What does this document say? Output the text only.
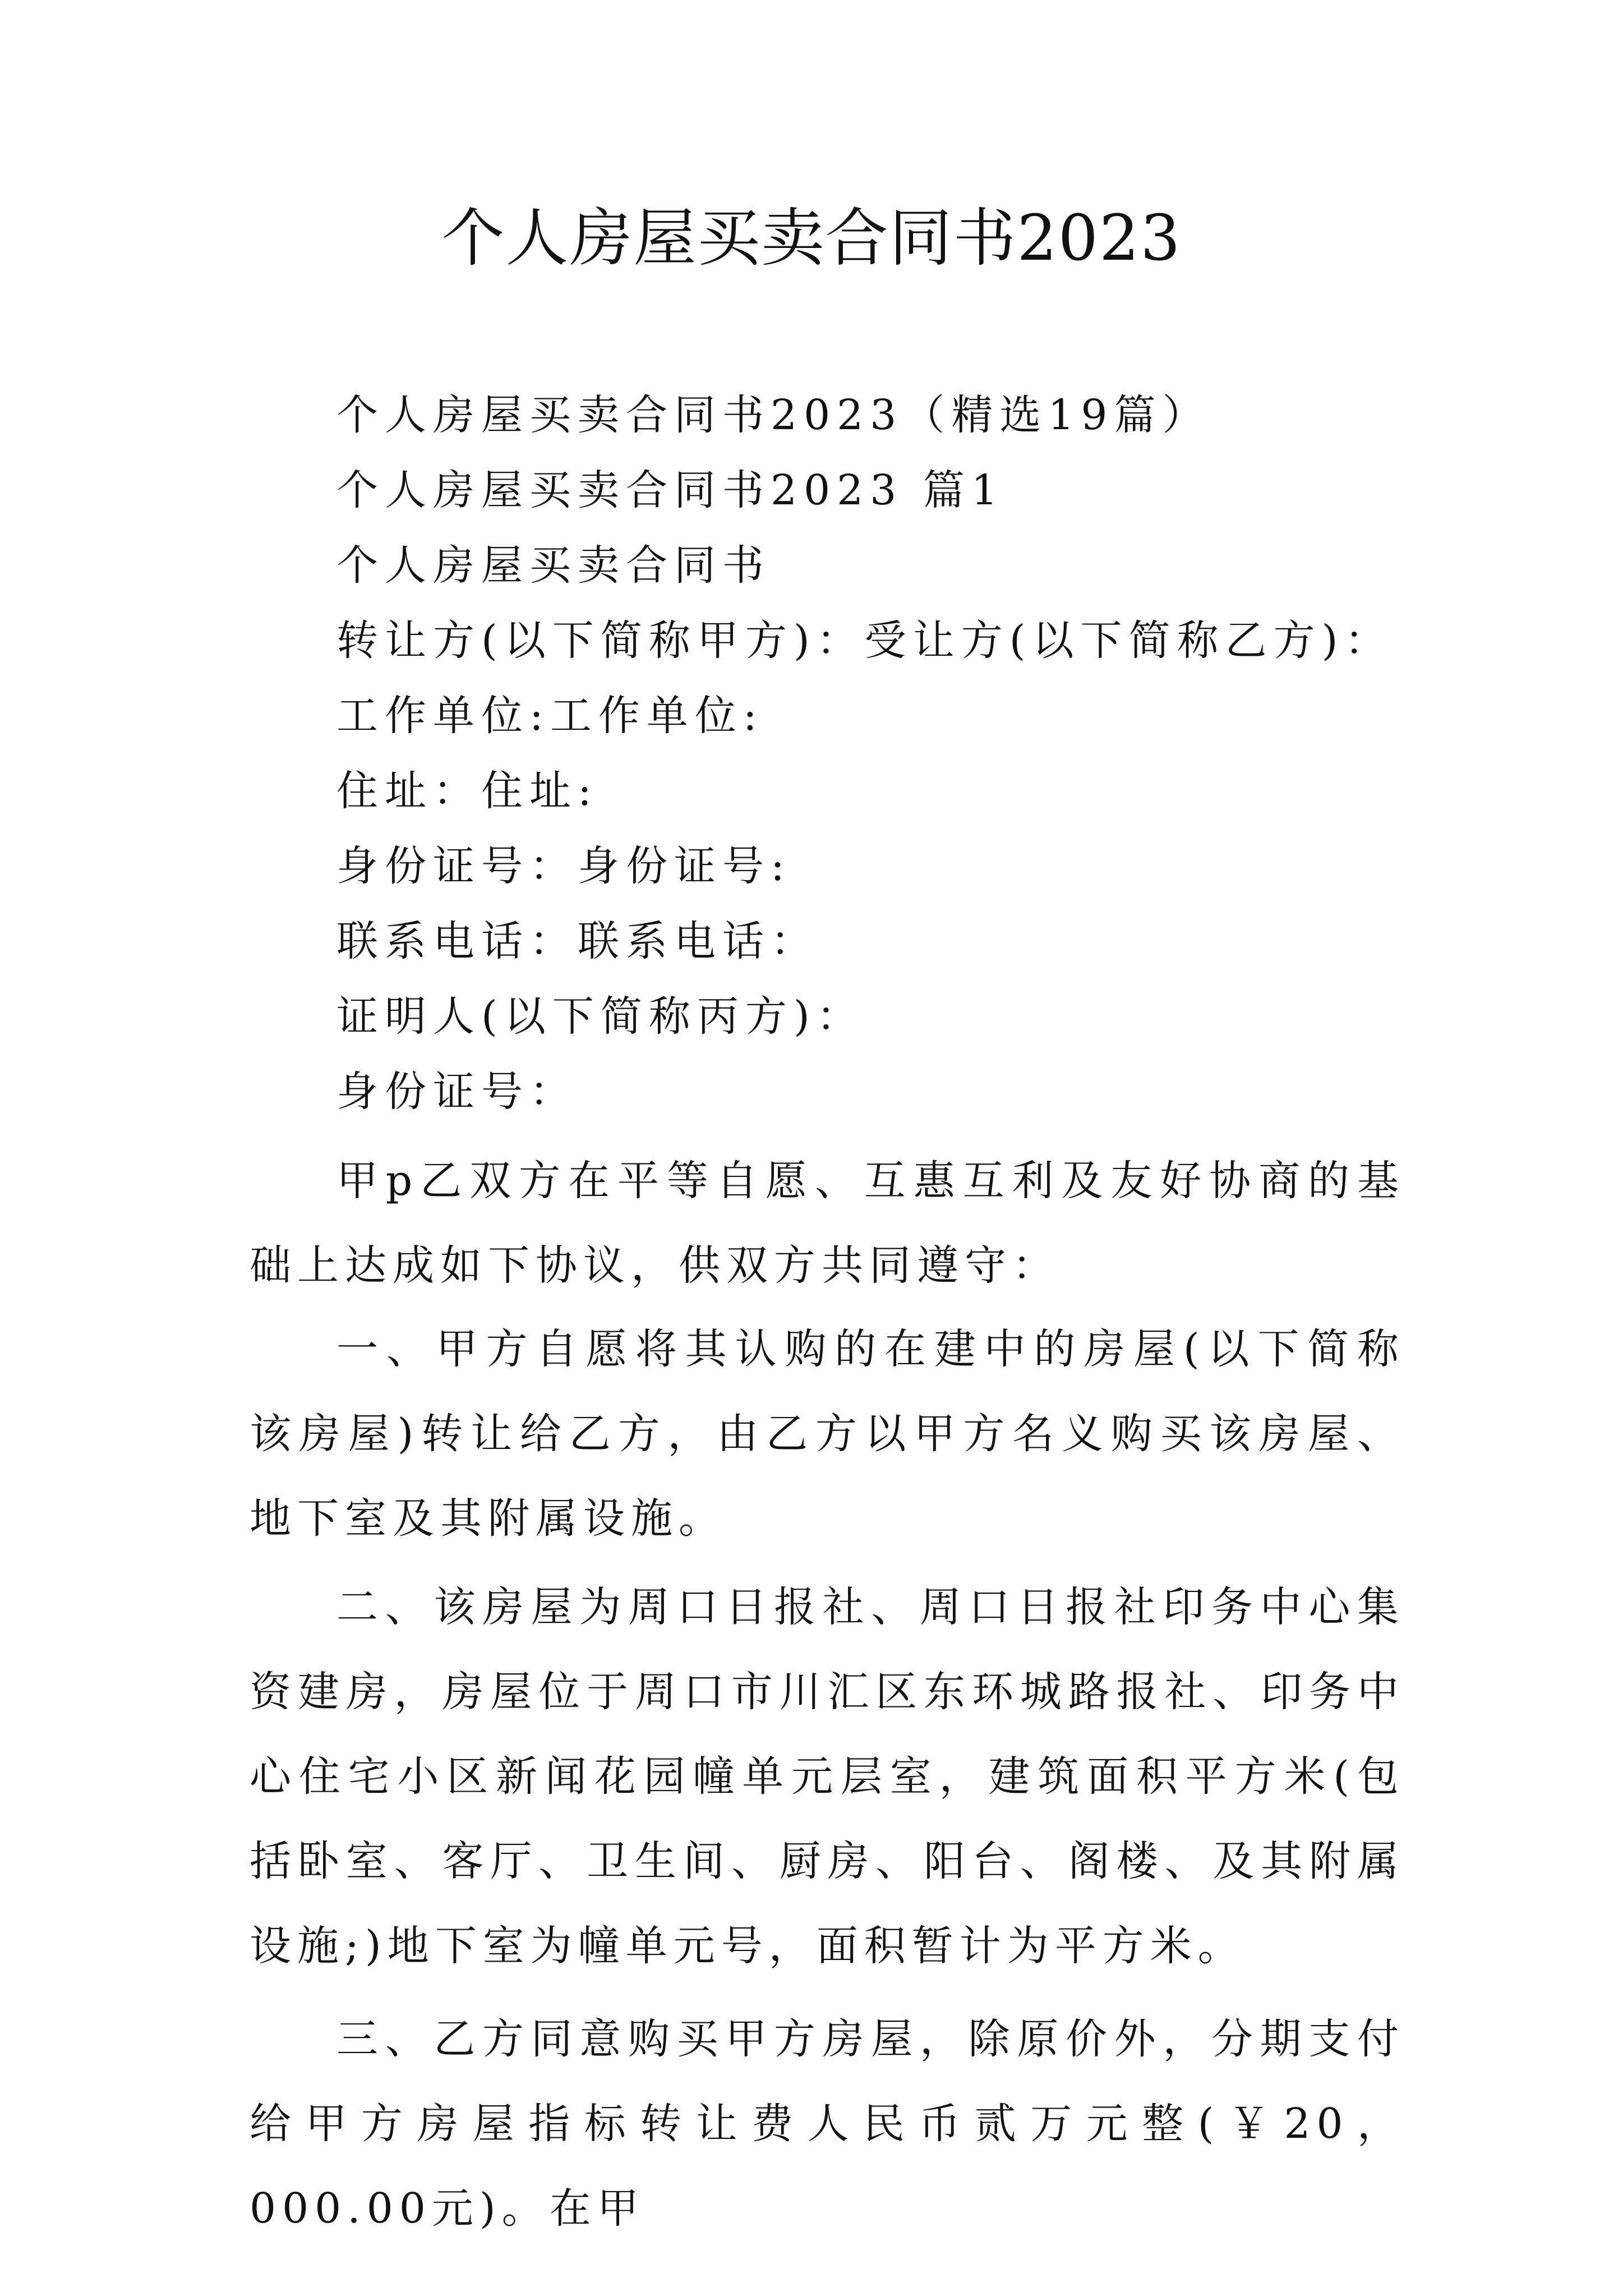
个人房屋买卖合同书2023
个人房屋买卖合同书2023（精选19篇）
个人房屋买卖合同书2023 篇1
个人房屋买卖合同书
转让方(以下简称甲方)：受让方(以下简称乙方)：
工作单位:工作单位:
住址：住址:
身份证号：身份证号:
联系电话：联系电话：
证明人(以下简称丙方)：
身份证号：

甲p乙双方在平等自愿、互惠互利及友好协商的基础上达成如下协议，供双方共同遵守：

一、甲方自愿将其认购的在建中的房屋(以下简称该房屋)转让给乙方，由乙方以甲方名义购买该房屋、地下室及其附属设施。

二、该房屋为周口日报社、周口日报社印务中心集资建房，房屋位于周口市川汇区东环城路报社、印务中心住宅小区新闻花园幢单元层室，建筑面积平方米(包括卧室、客厅、卫生间、厨房、阳台、阁楼、及其附属设施;)地下室为幢单元号，面积暂计为平方米。

三、乙方同意购买甲方房屋，除原价外，分期支付给甲方房屋指标转让费人民币贰万元整(￥20，000.00元)。在甲
